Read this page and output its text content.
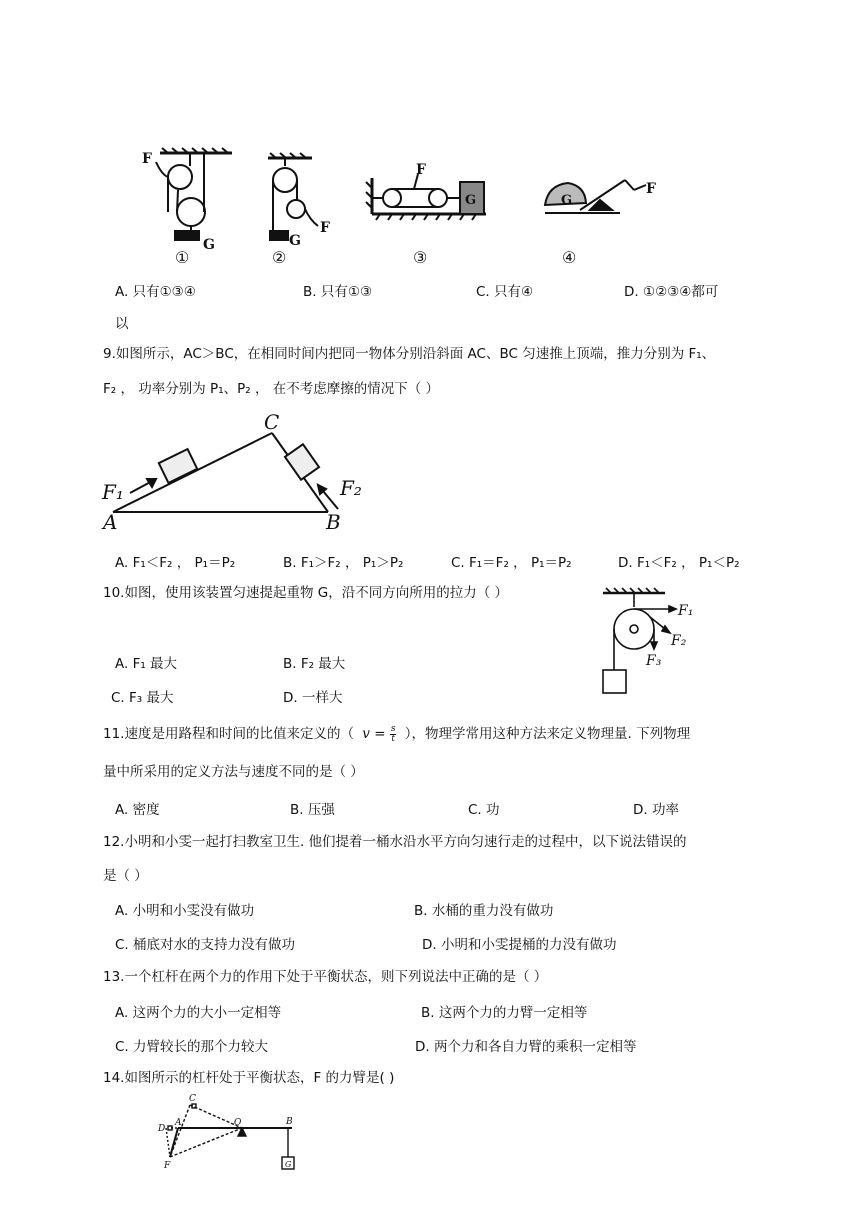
F
G
①
G
F
②
F
G
③
G
F
④
A. 只有①③④	B. 只有①③	C. 只有④	D. ①②③④都可
以
9.如图所示，AC＞BC，在相同时间内把同一物体分别沿斜面 AC、BC 匀速推上顶端，推力分别为 F₁、
F₂ ， 功率分别为 P₁、P₂ ， 在不考虑摩擦的情况下（ ）
C
F₁
A
F₂
B
A. F₁＜F₂ ， P₁＝P₂	B. F₁＞F₂ ， P₁＞P₂	C. F₁＝F₂ ， P₁＝P₂	D. F₁＜F₂ ， P₁＜P₂
10.如图，使用该装置匀速提起重物 G，沿不同方向所用的拉力（ ）
F₁
F₂
F₃
A. F₁ 最大	B. F₂ 最大
C. F₃ 最大	D. 一样大
11.速度是用路程和时间的比值来定义的（ $v = \frac{s}{t}$ ），物理学常用这种方法来定义物理量. 下列物理
量中所采用的定义方法与速度不同的是（ ）
A. 密度	B. 压强	C. 功	D. 功率
12.小明和小雯一起打扫教室卫生. 他们提着一桶水沿水平方向匀速行走的过程中，以下说法错误的
是（ ）
A. 小明和小雯没有做功	B. 水桶的重力没有做功
C. 桶底对水的支持力没有做功	D. 小明和小雯提桶的力没有做功
13.一个杠杆在两个力的作用下处于平衡状态，则下列说法中正确的是（ ）
A. 这两个力的大小一定相等	B. 这两个力的力臂一定相等
C. 力臂较长的那个力较大	D. 两个力和各自力臂的乘积一定相等
14.如图所示的杠杆处于平衡状态，F 的力臂是( )
C
D
A	O	B
F	G
